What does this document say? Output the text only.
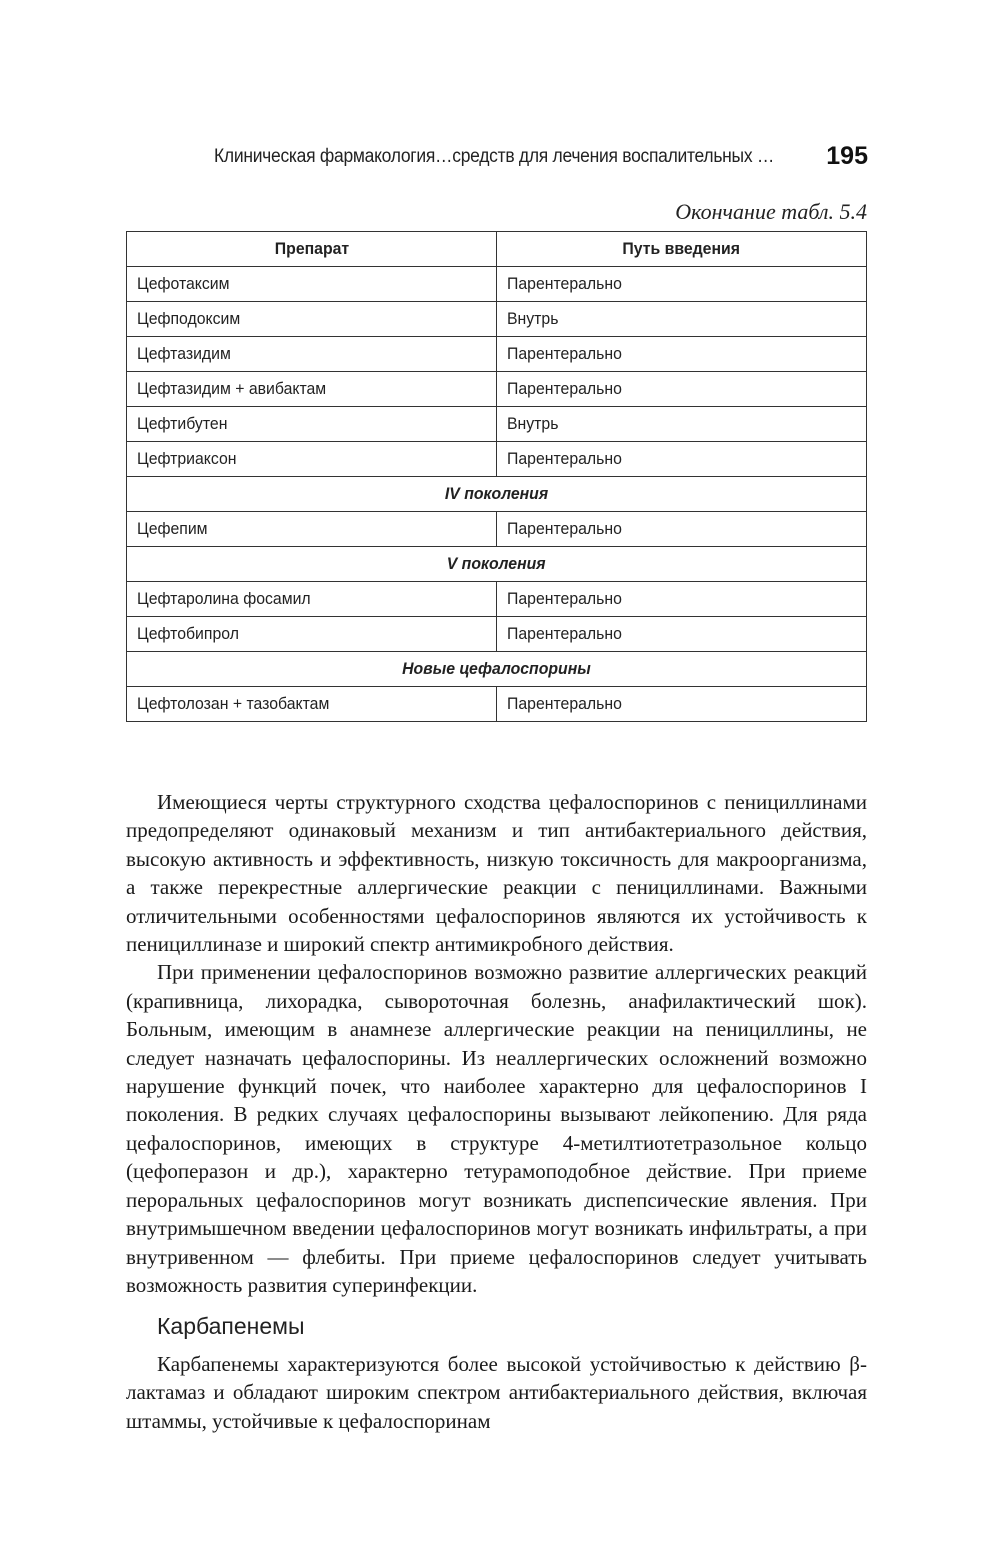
Клиническая фармакология…средств для лечения воспалительных … 195
Окончание табл. 5.4
Препарат	Путь введения
Цефотаксим	Парентерально
Цефподоксим	Внутрь
Цефтазидим	Парентерально
Цефтазидим + авибактам	Парентерально
Цефтибутен	Внутрь
Цефтриаксон	Парентерально
IV поколения	
Цефепим	Парентерально
V поколения	
Цефтаролина фосамил	Парентерально
Цефтобипрол	Парентерально
Новые цефалоспорины	
Цефтолозан + тазобактам	Парентерально

Имеющиеся черты структурного сходства цефалоспоринов с пенициллинами предопределяют одинаковый механизм и тип антибактериального действия, высокую активность и эффективность, низкую токсичность для макроорганизма, а также перекрестные аллергические реакции с пенициллинами. Важными отличительными особенностями цефалоспоринов являются их устойчивость к пенициллиназе и широкий спектр антимикробного действия.

При применении цефалоспоринов возможно развитие аллергических реакций (крапивница, лихорадка, сывороточная болезнь, анафилактический шок). Больным, имеющим в анамнезе аллергические реакции на пенициллины, не следует назначать цефалоспорины. Из неаллергических осложнений возможно нарушение функций почек, что наиболее характерно для цефалоспоринов I поколения. В редких случаях цефалоспорины вызывают лейкопению. Для ряда цефалоспоринов, имеющих в структуре 4-метилтиотетразольное кольцо (цефоперазон и др.), характерно тетурамоподобное действие. При приеме пероральных цефалоспоринов могут возникать диспепсические явления. При внутримышечном введении цефалоспоринов могут возникать инфильтраты, а при внутривенном — флебиты. При приеме цефалоспоринов следует учитывать возможность развития суперинфекции.

Карбапенемы

Карбапенемы характеризуются более высокой устойчивостью к действию β-лактамаз и обладают широким спектром антибактериального действия, включая штаммы, устойчивые к цефалоспоринам
